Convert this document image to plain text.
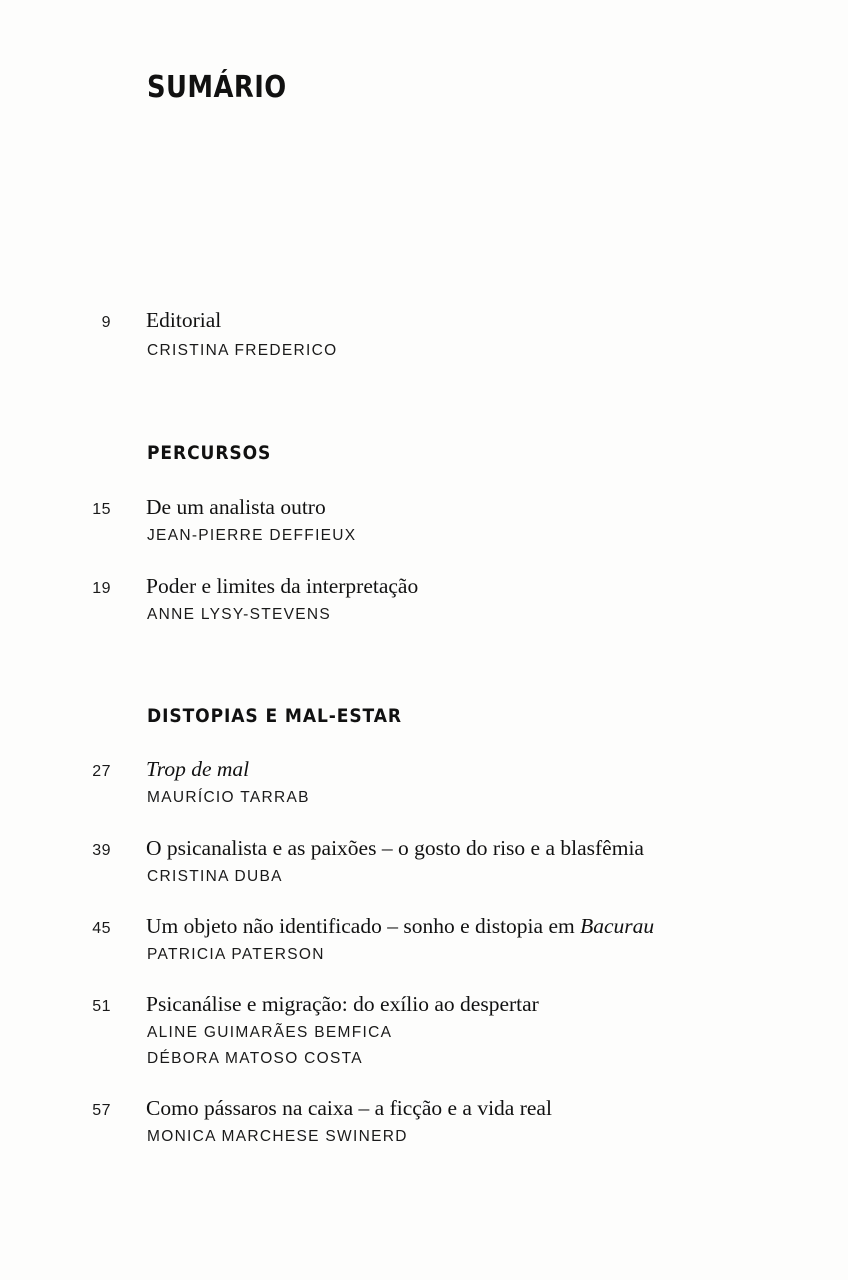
SUMÁRIO
9 Editorial
CRISTINA FREDERICO
PERCURSOS
15 De um analista outro
JEAN-PIERRE DEFFIEUX
19 Poder e limites da interpretação
ANNE LYSY-STEVENS
DISTOPIAS E MAL-ESTAR
27 Trop de mal
MAURÍCIO TARRAB
39 O psicanalista e as paixões – o gosto do riso e a blasfêmia
CRISTINA DUBA
45 Um objeto não identificado – sonho e distopia em Bacurau
PATRICIA PATERSON
51 Psicanálise e migração: do exílio ao despertar
ALINE GUIMARÃES BEMFICA
DÉBORA MATOSO COSTA
57 Como pássaros na caixa – a ficção e a vida real
MONICA MARCHESE SWINERD
